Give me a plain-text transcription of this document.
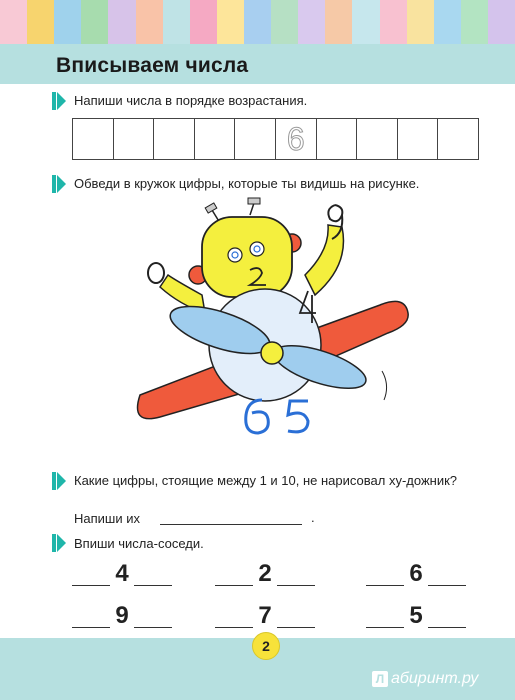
Вписываем числа
Напиши числа в порядке возрастания.
6
Обведи в кружок цифры, которые ты видишь на рисунке.
Какие цифры, стоящие между 1 и 10, не нарисовал ху-дожник?
Напиши их	.
Впиши числа-соседи.
4	2	6
9	7	5
2
Л абиринт.ру
